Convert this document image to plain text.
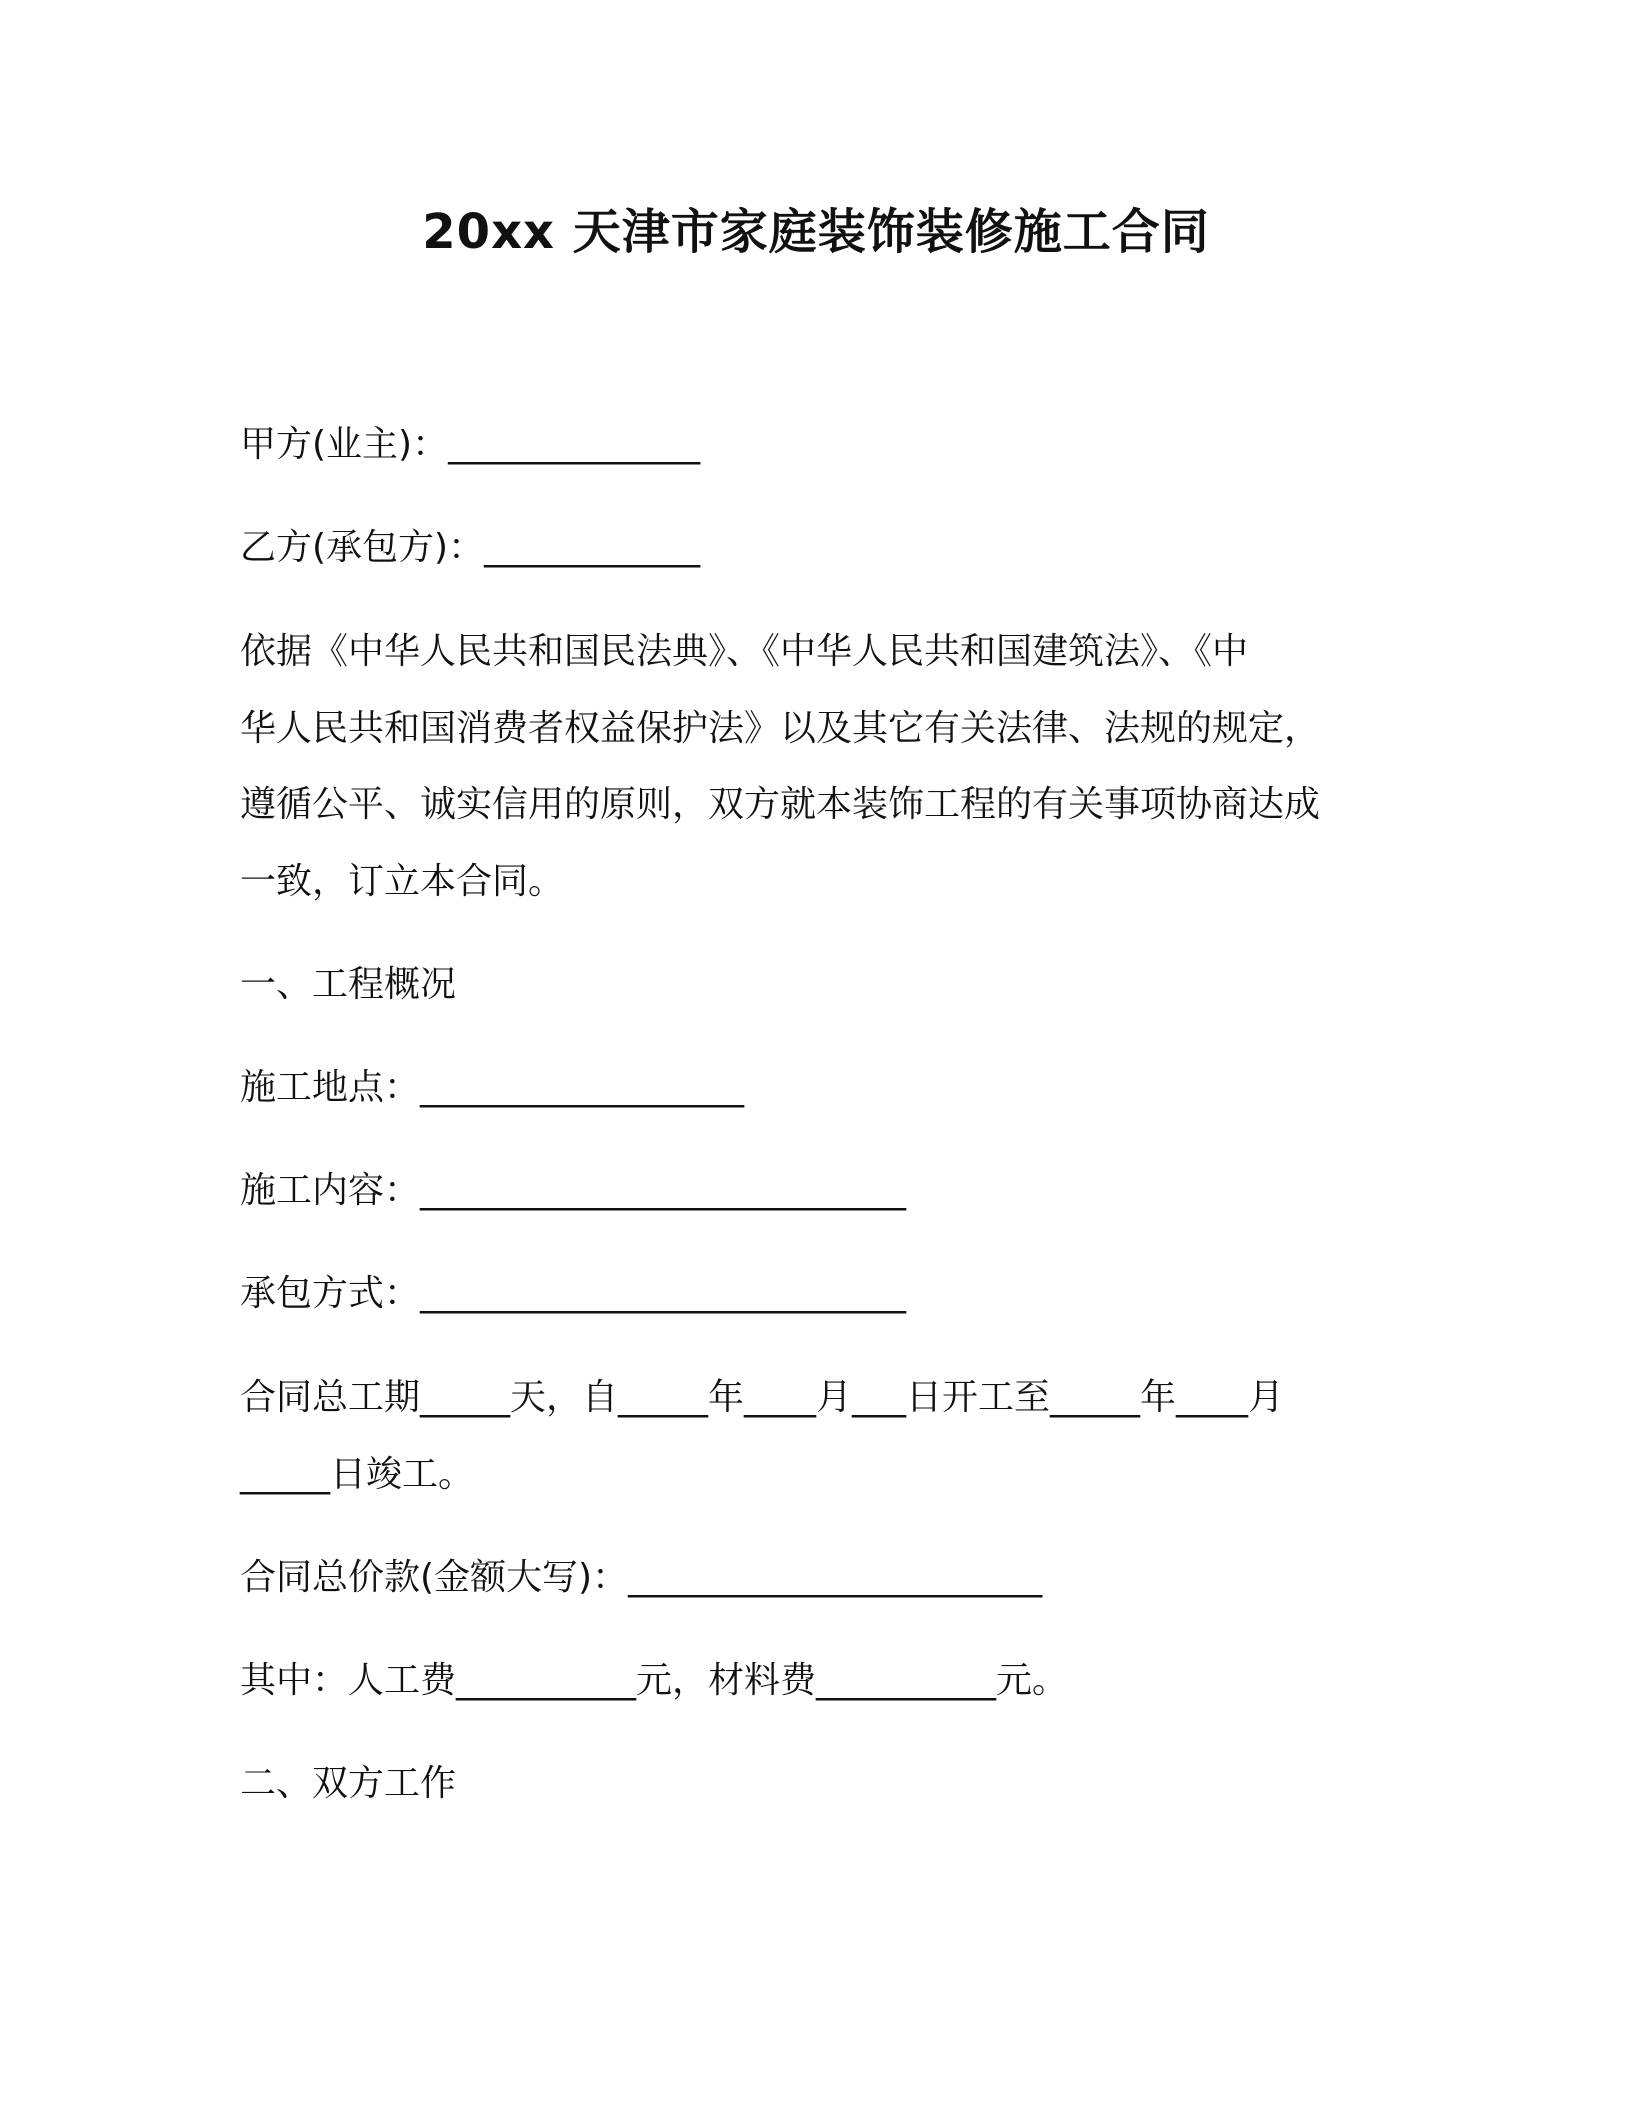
20xx 天津市家庭装饰装修施工合同
甲方(业主)：______________
乙方(承包方)：____________
依据《中华人民共和国民法典》、《中华人民共和国建筑法》、《中
华人民共和国消费者权益保护法》以及其它有关法律、法规的规定，
遵循公平、诚实信用的原则，双方就本装饰工程的有关事项协商达成
一致，订立本合同。
一、工程概况
施工地点：__________________
施工内容：___________________________
承包方式：___________________________
合同总工期_____天，自_____年____月___日开工至_____年____月
_____日竣工。
合同总价款(金额大写)：_______________________
其中：人工费__________元，材料费__________元。
二、双方工作
